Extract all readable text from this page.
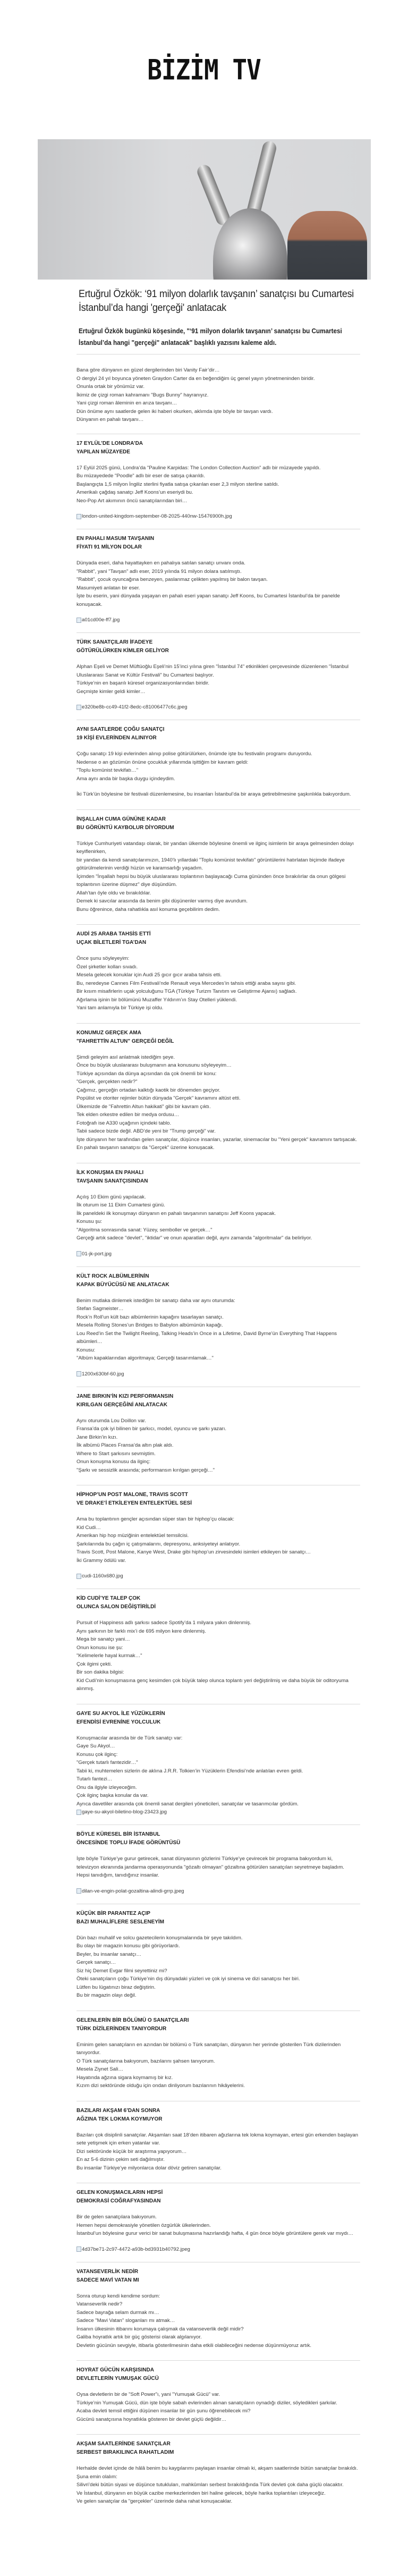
BİZİM TV
Ertuğrul Özkök: ‘91 milyon dolarlık tavşanın’ sanatçısı bu Cumartesi İstanbul’da hangi 'gerçeği' anlatacak
Ertuğrul Özkök bugünkü köşesinde, "‘91 milyon dolarlık tavşanın’ sanatçısı bu Cumartesi İstanbul’da hangi "gerçeği" anlatacak" başlıklı yazısını kaleme aldı.
Bana göre dünyanın en güzel dergilerinden biri Vanity Fair’dir…
O dergiyi 24 yıl boyunca yöneten Graydon Carter da en beğendiğim üç genel yayın yönetmeninden biridir.
Onunla ortak bir yönümüz var.
İkimiz de çizgi roman kahramanı "Bugs Bunny" hayranıyız.
Yani çizgi roman âleminin en arıza tavşanı…
Dün önüme aynı saatlerde gelen iki haberi okurken, aklımda işte böyle bir tavşan vardı.
Dünyanın en pahalı tavşanı…
17 EYLÜL’DE LONDRA’DA
YAPILAN MÜZAYEDE
17 Eylül 2025 günü, Londra’da "Pauline Karpidas: The London Collection Auction" adlı bir müzayede yapıldı.
Bu müzayedede "Poodle" adlı bir eser de satışa çıkarıldı.
Başlangıçta 1,5 milyon İngiliz sterlini fiyatla satışa çıkarılan eser 2,3 milyon sterline satıldı.
Amerikalı çağdaş sanatçı Jeff Koons’un eseriydi bu.
Neo-Pop Art akımının öncü sanatçılarından biri…
london-united-kingdom-september-08-2025-440nw-15476900h.jpg
EN PAHALI MASUM TAVŞANIN
FİYATI 91 MİLYON DOLAR
Dünyada eseri, daha hayattayken en pahalıya satılan sanatçı unvanı onda.
"Rabbit", yani "Tavşan" adlı eser, 2019 yılında 91 milyon dolara satılmıştı.
"Rabbit", çocuk oyuncağına benzeyen, paslanmaz çelikten yapılmış bir balon tavşan.
Masumiyeti anlatan bir eser.
İşte bu eserin, yani dünyada yaşayan en pahalı eseri yapan sanatçı Jeff Koons, bu Cumartesi İstanbul’da bir panelde konuşacak.
a01cd00e-ff7.jpg
TÜRK SANATÇILARI İFADEYE
GÖTÜRÜLÜRKEN KİMLER GELİYOR
Alphan Eşeli ve Demet Müftüoğlu Eşeli’nin 15’inci yılına giren "İstanbul 74" etkinlikleri çerçevesinde düzenlenen "İstanbul Uluslararası Sanat ve Kültür Festivali" bu Cumartesi başlıyor.
Türkiye’nin en başarılı küresel organizasyonlarından biridir.
Geçmişte kimler geldi kimler…
e320be8b-cc49-41f2-8edc-c81006477c6c.jpeg
AYNI SAATLERDE ÇOĞU SANATÇI
19 KİŞİ EVLERİNDEN ALINIYOR
Çoğu sanatçı 19 kişi evlerinden alınıp polise götürülürken, önümde işte bu festivalin programı duruyordu.
Nedense o an gözümün önüne çocukluk yıllarımda işittiğim bir kavram geldi:
"Toplu komünist tevkifatı…"
Ama aynı anda bir başka duygu içindeydim.
İki Türk’ün böylesine bir festivali düzenlemesine, bu insanları İstanbul’da bir araya getirebilmesine şaşkınlıkla bakıyordum.
İNŞALLAH CUMA GÜNÜNE KADAR
BU GÖRÜNTÜ KAYBOLUR DİYORDUM
Türkiye Cumhuriyeti vatandaşı olarak, bir yandan ülkemde böylesine önemli ve ilginç isimlerin bir araya gelmesinden dolayı keyiflenirken,
bir yandan da kendi sanatçılarımızın, 1940’lı yıllardaki "Toplu komünist tevkifatı" görüntülerini hatırlatan biçimde ifadeye götürülmelerinin verdiği hüzün ve karamsarlığı yaşadım.
İçimden "İnşallah hepsi bu büyük uluslararası toplantının başlayacağı Cuma gününden önce bırakılırlar da onun gölgesi toplantının üzerine düşmez" diye düşündüm.
Allah’tan öyle oldu ve bırakıldılar.
Demek ki savcılar arasında da benim gibi düşünenler varmış diye avundum.
Bunu öğrenince, daha rahatlıkla asıl konuma geçebilirim dedim.
AUDİ 25 ARABA TAHSİS ETTİ
UÇAK BİLETLERİ TGA’DAN
Önce şunu söyleyeyim:
Özel şirketler kolları sıvadı.
Mesela gelecek konuklar için Audi 25 gıcır gıcır araba tahsis etti.
Bu, neredeyse Cannes Film Festivali’nde Renault veya Mercedes’in tahsis ettiği araba sayısı gibi.
Bir kısım misafirlerin uçak yolculuğunu TGA (Türkiye Turizm Tanıtım ve Geliştirme Ajansı) sağladı.
Ağırlama işinin bir bölümünü Muzaffer Yıldırım’ın Stay Otelleri yüklendi.
Yani tam anlamıyla bir Türkiye işi oldu.
KONUMUZ GERÇEK AMA
"FAHRETTİN ALTUN" GERÇEĞİ DEĞİL
Şimdi geleyim asıl anlatmak istediğim şeye.
Önce bu büyük uluslararası buluşmanın ana konusunu söyleyeyim…
Türkiye açısından da dünya açısından da çok önemli bir konu:
"Gerçek, gerçekten nedir?"
Çağımız, gerçeğin ortadan kalktığı kaotik bir dönemden geçiyor.
Popülist ve otoriter rejimler bütün dünyada "Gerçek" kavramını altüst etti.
Ülkemizde de "Fahrettin Altun hakikati" gibi bir kavram çıktı.
Tek elden orkestre edilen bir medya ordusu…
Fotoğrafı ise A330 uçağının içindeki tablo.
Tabii sadece bizde değil. ABD’de yeni bir "Trump gerçeği" var.
İşte dünyanın her tarafından gelen sanatçılar, düşünce insanları, yazarlar, sinemacılar bu "Yeni gerçek" kavramını tartışacak.
En pahalı tavşanın sanatçısı da "Gerçek" üzerine konuşacak.
İLK KONUŞMA EN PAHALI
TAVŞANIN SANATÇISINDAN
Açılış 10 Ekim günü yapılacak.
İlk oturum ise 11 Ekim Cumartesi günü.
İlk paneldeki ilk konuşmayı dünyanın en pahalı tavşanının sanatçısı Jeff Koons yapacak.
Konusu şu:
"Algoritma sonrasında sanat: Yüzey, semboller ve gerçek…"
Gerçeği artık sadece "devlet", "iktidar" ve onun aparatları değil, aynı zamanda "algoritmalar" da belirliyor.
01-jk-port.jpg
KÜLT ROCK ALBÜMLERİNİN
KAPAK BÜYÜCÜSÜ NE ANLATACAK
Benim mutlaka dinlemek istediğim bir sanatçı daha var aynı oturumda:
Stefan Sagmeister…
Rock’n Roll’un kült bazı albümlerinin kapağını tasarlayan sanatçı.
Mesela Rolling Stones’un Bridges to Babylon albümünün kapağı.
Lou Reed’in Set the Twilight Reeling, Talking Heads’in Once in a Lifetime, David Byrne’ün Everything That Happens albümleri…
Konusu:
"Albüm kapaklarından algoritmaya; Gerçeği tasarımlamak…"
1200x630bf-60.jpg
JANE BIRKIN’İN KIZI PERFORMANSIN
KIRILGAN GERÇEĞİNİ ANLATACAK
Aynı oturumda Lou Doillon var.
Fransa’da çok iyi bilinen bir şarkıcı, model, oyuncu ve şarkı yazarı.
Jane Birkin’in kızı.
İlk albümü Places Fransa’da altın plak aldı.
Where to Start şarkısını sevmiştim.
Onun konuşma konusu da ilginç:
"Şarkı ve sessizlik arasında; performansın kırılgan gerçeği…"
HİPHOP’UN POST MALONE, TRAVIS SCOTT
VE DRAKE’İ ETKİLEYEN ENTELEKTÜEL SESİ
Ama bu toplantının gençler açısından süper starı bir hiphop’çu olacak:
Kid Cudi…
Amerikan hip hop müziğinin entelektüel temsilcisi.
Şarkılarında bu çağın iç çatışmalarını, depresyonu, anksiyeteyi anlatıyor.
Travis Scott, Post Malone, Kanye West, Drake gibi hiphop’un zirvesindeki isimleri etkileyen bir sanatçı…
İki Grammy ödülü var.
cudi-1160x680.jpg
KİD CUDİ’YE TALEP ÇOK
OLUNCA SALON DEĞİŞTİRİLDİ
Pursuit of Happiness adlı şarkısı sadece Spotify’da 1 milyara yakın dinlenmiş.
Aynı şarkının bir farklı mix’i de 695 milyon kere dinlenmiş.
Mega bir sanatçı yani…
Onun konusu ise şu:
"Kelimelerle hayal kurmak…"
Çok ilgimi çekti.
Bir son dakika bilgisi:
Kid Cudi’nin konuşmasına genç kesimden çok büyük talep olunca toplantı yeri değiştirilmiş ve daha büyük bir oditoryuma alınmış.
GAYE SU AKYOL İLE YÜZÜKLERİN
EFENDİSİ EVRENİNE YOLCULUK
Konuşmacılar arasında bir de Türk sanatçı var:
Gaye Su Akyol…
Konusu çok ilginç:
"Gerçek tutarlı fantezidir…"
Tabii ki, muhtemelen sizlerin de aklına J.R.R. Tolkien’in Yüzüklerin Efendisi’nde anlatılan evren geldi.
Tutarlı fantezi…
Onu da ilgiyle izleyeceğim.
Çok ilginç başka konular da var.
Ayrıca davetliler arasında çok önemli sanat dergileri yöneticileri, sanatçılar ve tasarımcılar gördüm.
gaye-su-akyol-biletino-blog-23423.jpg
BÖYLE KÜRESEL BİR İSTANBUL
ÖNCESİNDE TOPLU İFADE GÖRÜNTÜSÜ
İşte böyle Türkiye’ye gurur getirecek, sanat dünyasının gözlerini Türkiye’ye çevirecek bir programa bakıyordum ki,
televizyon ekranında jandarma operasyonunda "gözaltı olmayan" gözaltına götürülen sanatçıları seyretmeye başladım.
Hepsi tanıdığım, tanıdığınız insanlar.
dilan-ve-engin-polat-gozaltina-alindi-grrp.jpeg
KÜÇÜK BİR PARANTEZ AÇIP
BAZI MUHALİFLERE SESLENEYİM
Dün bazı muhalif ve solcu gazetecilerin konuşmalarında bir şeye takıldım.
Bu olayı bir magazin konusu gibi görüyorlardı.
Beyler, bu insanlar sanatçı…
Gerçek sanatçı…
Siz hiç Demet Evgar filmi seyrettiniz mi?
Öteki sanatçıların çoğu Türkiye’nin dış dünyadaki yüzleri ve çok iyi sinema ve dizi sanatçısı her biri.
Lütfen bu lügatınızı biraz değiştirin.
Bu bir magazin olayı değil.
GELENLERİN BİR BÖLÜMÜ O SANATÇILARI
TÜRK DİZİLERİNDEN TANIYORDUR
Eminim gelen sanatçıların en azından bir bölümü o Türk sanatçıları, dünyanın her yerinde gösterilen Türk dizilerinden tanıyordur.
O Türk sanatçılarına bakıyorum, bazılarını şahsen tanıyorum.
Mesela Ziynet Sali…
Hayatında ağzına sigara koymamış bir kız.
Kızım dizi sektöründe olduğu için ondan dinliyorum bazılarının hikâyelerini.
BAZILARI AKŞAM 6’DAN SONRA
AĞZINA TEK LOKMA KOYMUYOR
Bazıları çok disiplinli sanatçılar. Akşamları saat 18’den itibaren ağızlarına tek lokma koymayan, ertesi gün erkenden başlayan sete yetişmek için erken yatanlar var.
Dizi sektöründe küçük bir araştırma yapıyorum…
En az 5-6 dizinin çekim seti dağılmıştır.
Bu insanlar Türkiye’ye milyonlarca dolar döviz getiren sanatçılar.
GELEN KONUŞMACILARIN HEPSİ
DEMOKRASİ COĞRAFYASINDAN
Bir de gelen sanatçılara bakıyorum.
Hemen hepsi demokrasiyle yönetilen özgürlük ülkelerinden.
İstanbul’un böylesine gurur verici bir sanat buluşmasına hazırlandığı hafta, 4 gün önce böyle görüntülere gerek var mıydı…
4d37be71-2c97-4472-a93b-bd3931b40792.jpeg
VATANSEVERLİK NEDİR
SADECE MAVİ VATAN MI
Sonra oturup kendi kendime sordum:
Vatanseverlik nedir?
Sadece bayrağa selam durmak mı…
Sadece "Mavi Vatan" sloganları mı atmak…
İnsanın ülkesinin itibarını korumaya çalışmak da vatanseverlik değil midir?
Galiba hoyratlık artık bir güç gösterisi olarak algılanıyor.
Devletin gücünün sevgiyle, itibarla gösterilmesinin daha etkili olabileceğini nedense düşünmüyoruz artık.
HOYRAT GÜCÜN KARŞISINDA
DEVLETLERİN YUMUŞAK GÜCÜ
Oysa devletlerin bir de "Soft Power"ı, yani "Yumuşak Gücü" var.
Türkiye’nin Yumuşak Gücü, dün işte böyle sabah evlerinden alınan sanatçıların oynadığı diziler, söyledikleri şarkılar.
Acaba devleti temsil ettiğini düşünen insanlar bir gün şunu öğrenebilecek mi?
Gücünü sanatçısına hoyratlıkla gösteren bir devlet güçlü değildir…
AKŞAM SAATLERİNDE SANATÇILAR
SERBEST BIRAKILINCA RAHATLADIM
Herhalde devlet içinde de hâlâ benim bu kaygılarımı paylaşan insanlar olmalı ki, akşam saatlerinde bütün sanatçılar bırakıldı.
Şuna emin olalım:
Silivri’deki bütün siyasi ve düşünce tutukluları, mahkûmları serbest bırakıldığında Türk devleti çok daha güçlü olacaktır.
Ve İstanbul, dünyanın en büyük cazibe merkezlerinden biri haline gelecek, böyle harika toplantıları izleyeceğiz.
Ve gelen sanatçılar da "gerçekler" üzerinde daha rahat konuşacaklar.
